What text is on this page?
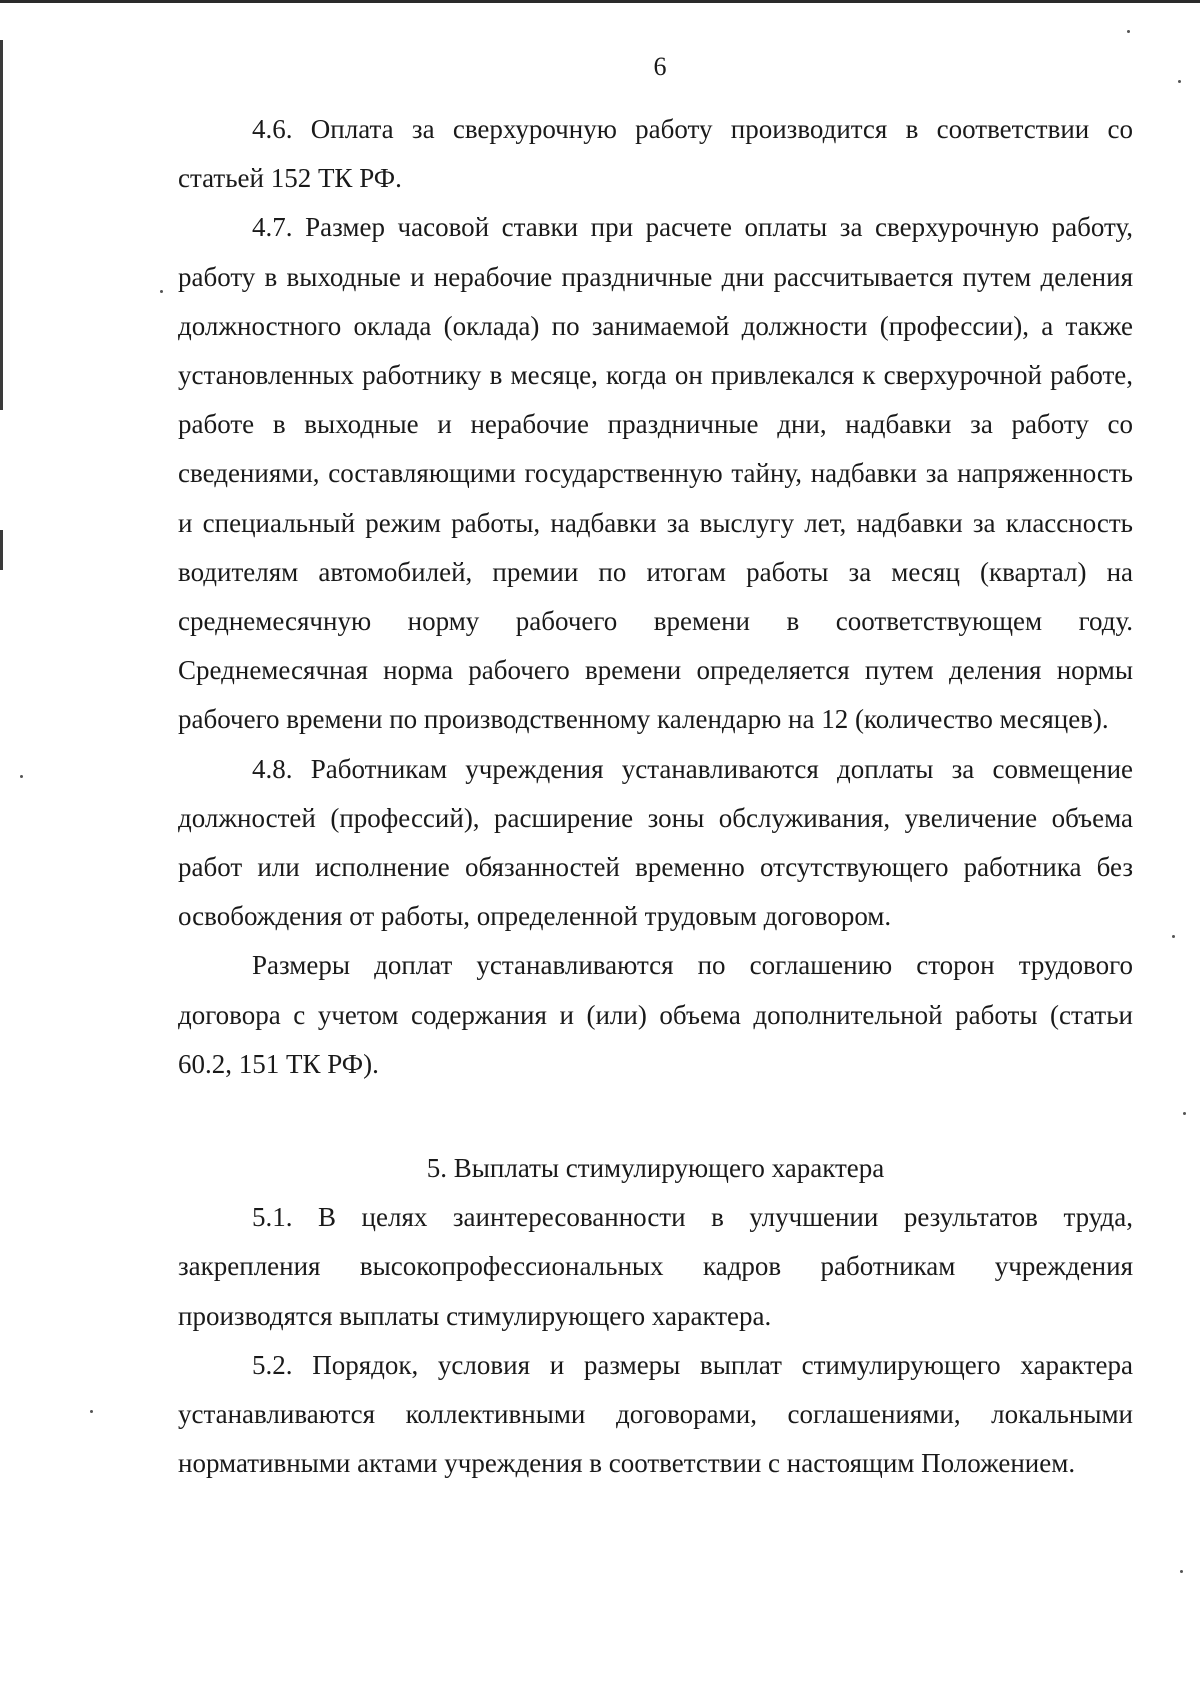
6

4.6. Оплата за сверхурочную работу производится в соответствии со статьей 152 ТК РФ.

4.7. Размер часовой ставки при расчете оплаты за сверхурочную работу, работу в выходные и нерабочие праздничные дни рассчитывается путем деления должностного оклада (оклада) по занимаемой должности (профессии), а также установленных работнику в месяце, когда он привлекался к сверхурочной работе, работе в выходные и нерабочие праздничные дни, надбавки за работу со сведениями, составляющими государственную тайну, надбавки за напряженность и специальный режим работы, надбавки за выслугу лет, надбавки за классность водителям автомобилей, премии по итогам работы за месяц (квартал) на среднемесячную норму рабочего времени в соответствующем году. Среднемесячная норма рабочего времени определяется путем деления нормы рабочего времени по производственному календарю на 12 (количество месяцев).

4.8. Работникам учреждения устанавливаются доплаты за совмещение должностей (профессий), расширение зоны обслуживания, увеличение объема работ или исполнение обязанностей временно отсутствующего работника без освобождения от работы, определенной трудовым договором.

Размеры доплат устанавливаются по соглашению сторон трудового договора с учетом содержания и (или) объема дополнительной работы (статьи 60.2, 151 ТК РФ).

5. Выплаты стимулирующего характера

5.1. В целях заинтересованности в улучшении результатов труда, закрепления высокопрофессиональных кадров работникам учреждения производятся выплаты стимулирующего характера.

5.2. Порядок, условия и размеры выплат стимулирующего характера устанавливаются коллективными договорами, соглашениями, локальными нормативными актами учреждения в соответствии с настоящим Положением.
